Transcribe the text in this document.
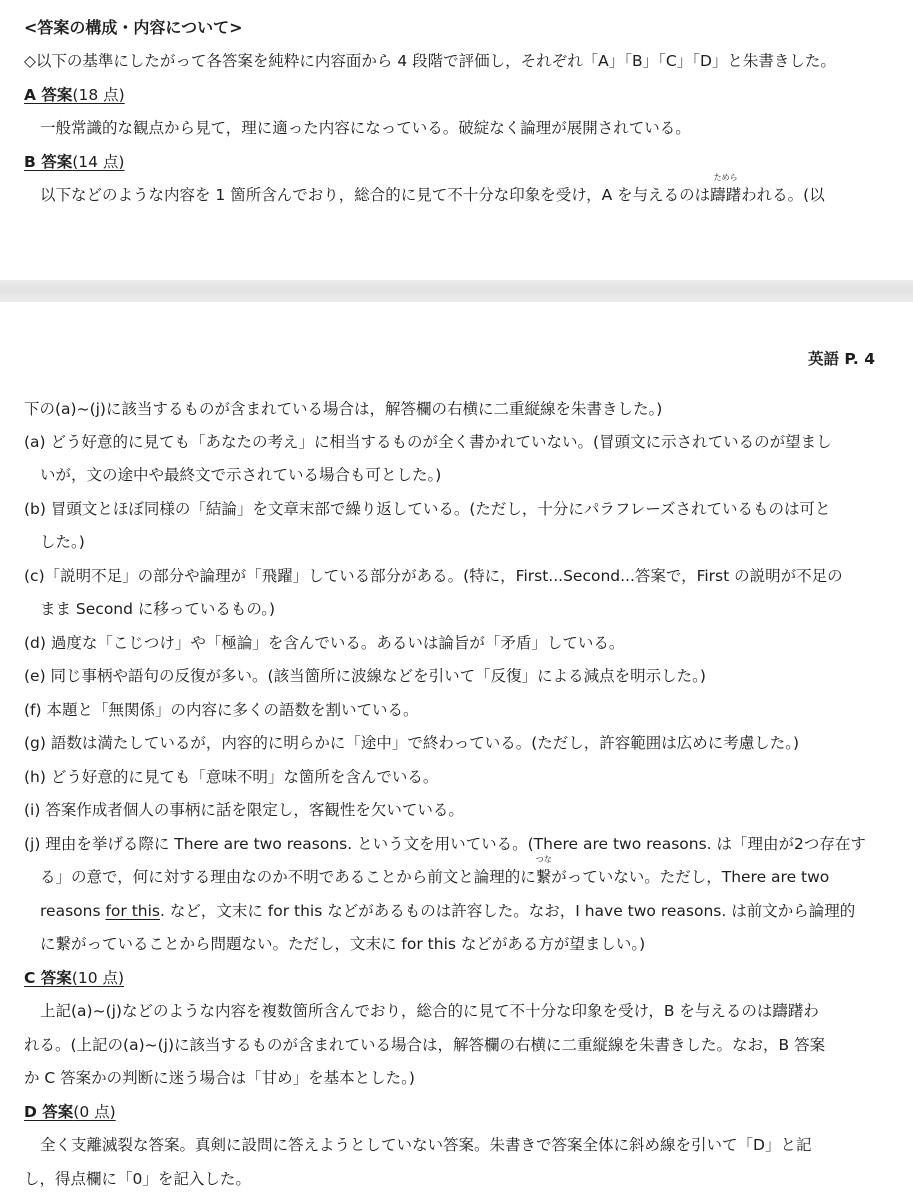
<答案の構成・内容について>
◇以下の基準にしたがって各答案を純粋に内容面から 4 段階で評価し，それぞれ「A」「B」「C」「D」と朱書きした。
A 答案(18 点)
一般常識的な観点から見て，理に適った内容になっている。破綻なく論理が展開されている。
B 答案(14 点)
以下などのような内容を 1 箇所含んでおり，総合的に見て不十分な印象を受け，A を与えるのは
ためら
躊躇われる。(以
英語 P. 4
下の(a)~(j)に該当するものが含まれている場合は，解答欄の右横に二重縦線を朱書きした。)
(a) どう好意的に見ても「あなたの考え」に相当するものが全く書かれていない。(冒頭文に示されているのが望まし
いが，文の途中や最終文で示されている場合も可とした。)
(b) 冒頭文とほぼ同様の「結論」を文章末部で繰り返している。(ただし，十分にパラフレーズされているものは可と
した。)
(c)「説明不足」の部分や論理が「飛躍」している部分がある。(特に，First...Second...答案で，First の説明が不足の
まま Second に移っているもの。)
(d) 過度な「こじつけ」や「極論」を含んでいる。あるいは論旨が「矛盾」している。
(e) 同じ事柄や語句の反復が多い。(該当箇所に波線などを引いて「反復」による減点を明示した。)
(f) 本題と「無関係」の内容に多くの語数を割いている。
(g) 語数は満たしているが，内容的に明らかに「途中」で終わっている。(ただし，許容範囲は広めに考慮した。)
(h) どう好意的に見ても「意味不明」な箇所を含んでいる。
(i) 答案作成者個人の事柄に話を限定し，客観性を欠いている。
(j) 理由を挙げる際に There are two reasons. という文を用いている。(There are two reasons. は「理由が2つ存在す
る」の意で，何に対する理由なのか不明であることから前文と論理的に
つな
繋がっていない。ただし，There are two
reasons for this. など，文末に for this などがあるものは許容した。なお，I have two reasons. は前文から論理的
に繋がっていることから問題ない。ただし，文末に for this などがある方が望ましい。)
C 答案(10 点)
上記(a)~(j)などのような内容を複数箇所含んでおり，総合的に見て不十分な印象を受け，B を与えるのは躊躇わ
れる。(上記の(a)~(j)に該当するものが含まれている場合は，解答欄の右横に二重縦線を朱書きした。なお，B 答案
か C 答案かの判断に迷う場合は「甘め」を基本とした。)
D 答案(0 点)
全く支離滅裂な答案。真剣に設問に答えようとしていない答案。朱書きで答案全体に斜め線を引いて「D」と記
し，得点欄に「0」を記入した。
